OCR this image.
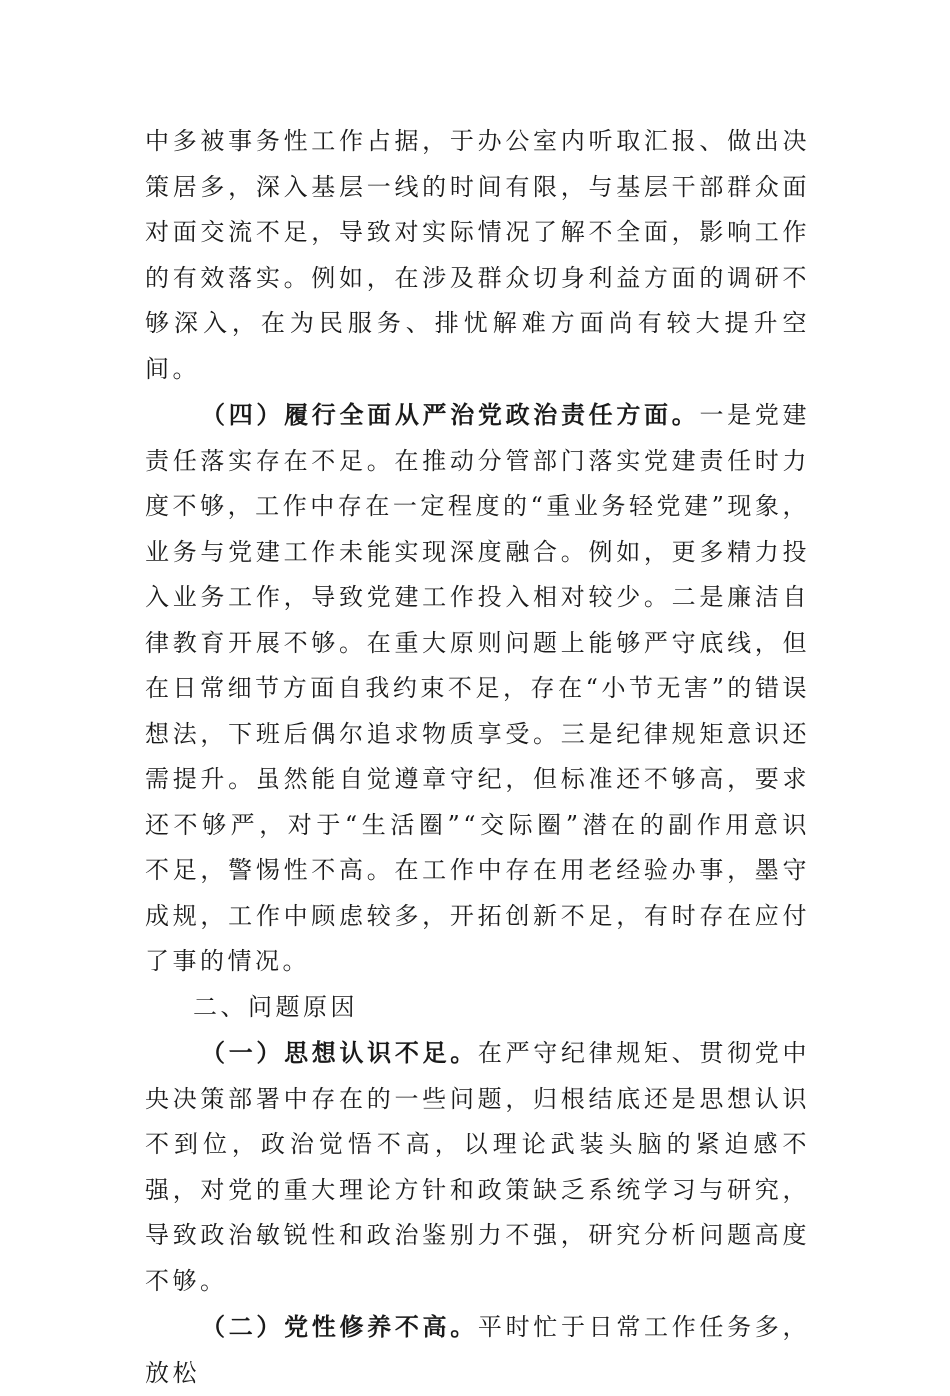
中多被事务性工作占据，于办公室内听取汇报、做出决策居多，深入基层一线的时间有限，与基层干部群众面对面交流不足，导致对实际情况了解不全面，影响工作的有效落实。例如，在涉及群众切身利益方面的调研不够深入，在为民服务、排忧解难方面尚有较大提升空间。

（四）履行全面从严治党政治责任方面。一是党建责任落实存在不足。在推动分管部门落实党建责任时力度不够，工作中存在一定程度的“重业务轻党建”现象，业务与党建工作未能实现深度融合。例如，更多精力投入业务工作，导致党建工作投入相对较少。二是廉洁自律教育开展不够。在重大原则问题上能够严守底线，但在日常细节方面自我约束不足，存在“小节无害”的错误想法，下班后偶尔追求物质享受。三是纪律规矩意识还需提升。虽然能自觉遵章守纪，但标准还不够高，要求还不够严，对于“生活圈”“交际圈”潜在的副作用意识不足，警惕性不高。在工作中存在用老经验办事，墨守成规，工作中顾虑较多，开拓创新不足，有时存在应付了事的情况。

二、问题原因

（一）思想认识不足。在严守纪律规矩、贯彻党中央决策部署中存在的一些问题，归根结底还是思想认识不到位，政治觉悟不高，以理论武装头脑的紧迫感不强，对党的重大理论方针和政策缺乏系统学习与研究，导致政治敏锐性和政治鉴别力不强，研究分析问题高度不够。

（二）党性修养不高。平时忙于日常工作任务多，放松
